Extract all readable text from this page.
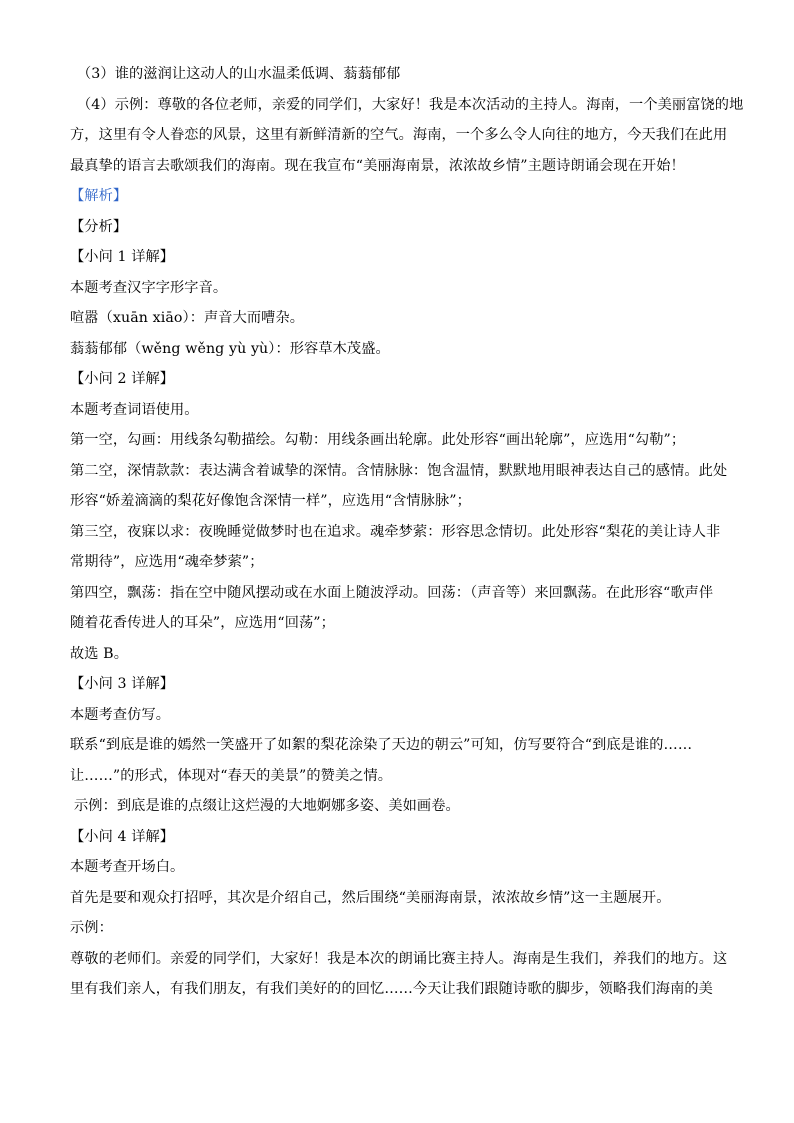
（3）谁的滋润让这动人的山水温柔低调、蓊蓊郁郁
（4）示例：尊敬的各位老师，亲爱的同学们，大家好！我是本次活动的主持人。海南，一个美丽富饶的地
方，这里有令人眷恋的风景，这里有新鲜清新的空气。海南，一个多么令人向往的地方，今天我们在此用
最真挚的语言去歌颂我们的海南。现在我宣布“美丽海南景，浓浓故乡情”主题诗朗诵会现在开始！
【解析】
【分析】
【小问 1 详解】
本题考查汉字字形字音。
喧嚣（xuān xiāo）：声音大而嘈杂。
蓊蓊郁郁（wěng wěng yù yù）：形容草木茂盛。
【小问 2 详解】
本题考查词语使用。
第一空，勾画：用线条勾勒描绘。勾勒：用线条画出轮廓。此处形容“画出轮廓”，应选用“勾勒”；
第二空，深情款款：表达满含着诚挚的深情。含情脉脉：饱含温情，默默地用眼神表达自己的感情。此处
形容“娇羞滴滴的梨花好像饱含深情一样”，应选用“含情脉脉”；
第三空，夜寐以求：夜晚睡觉做梦时也在追求。魂牵梦萦：形容思念情切。此处形容“梨花的美让诗人非
常期待”，应选用“魂牵梦萦”；
第四空，飘荡：指在空中随风摆动或在水面上随波浮动。回荡：（声音等）来回飘荡。在此形容“歌声伴
随着花香传进人的耳朵”，应选用“回荡”；
故选 B。
【小问 3 详解】
本题考查仿写。
联系“到底是谁的嫣然一笑盛开了如絮的梨花涂染了天边的朝云”可知，仿写要符合“到底是谁的……
让……”的形式，体现对“春天的美景”的赞美之情。
示例：到底是谁的点缀让这烂漫的大地婀娜多姿、美如画卷。
【小问 4 详解】
本题考查开场白。
首先是要和观众打招呼，其次是介绍自己，然后围绕“美丽海南景，浓浓故乡情”这一主题展开。
示例：
尊敬的老师们。亲爱的同学们，大家好！我是本次的朗诵比赛主持人。海南是生我们，养我们的地方。这
里有我们亲人，有我们朋友，有我们美好的的回忆……今天让我们跟随诗歌的脚步，领略我们海南的美
